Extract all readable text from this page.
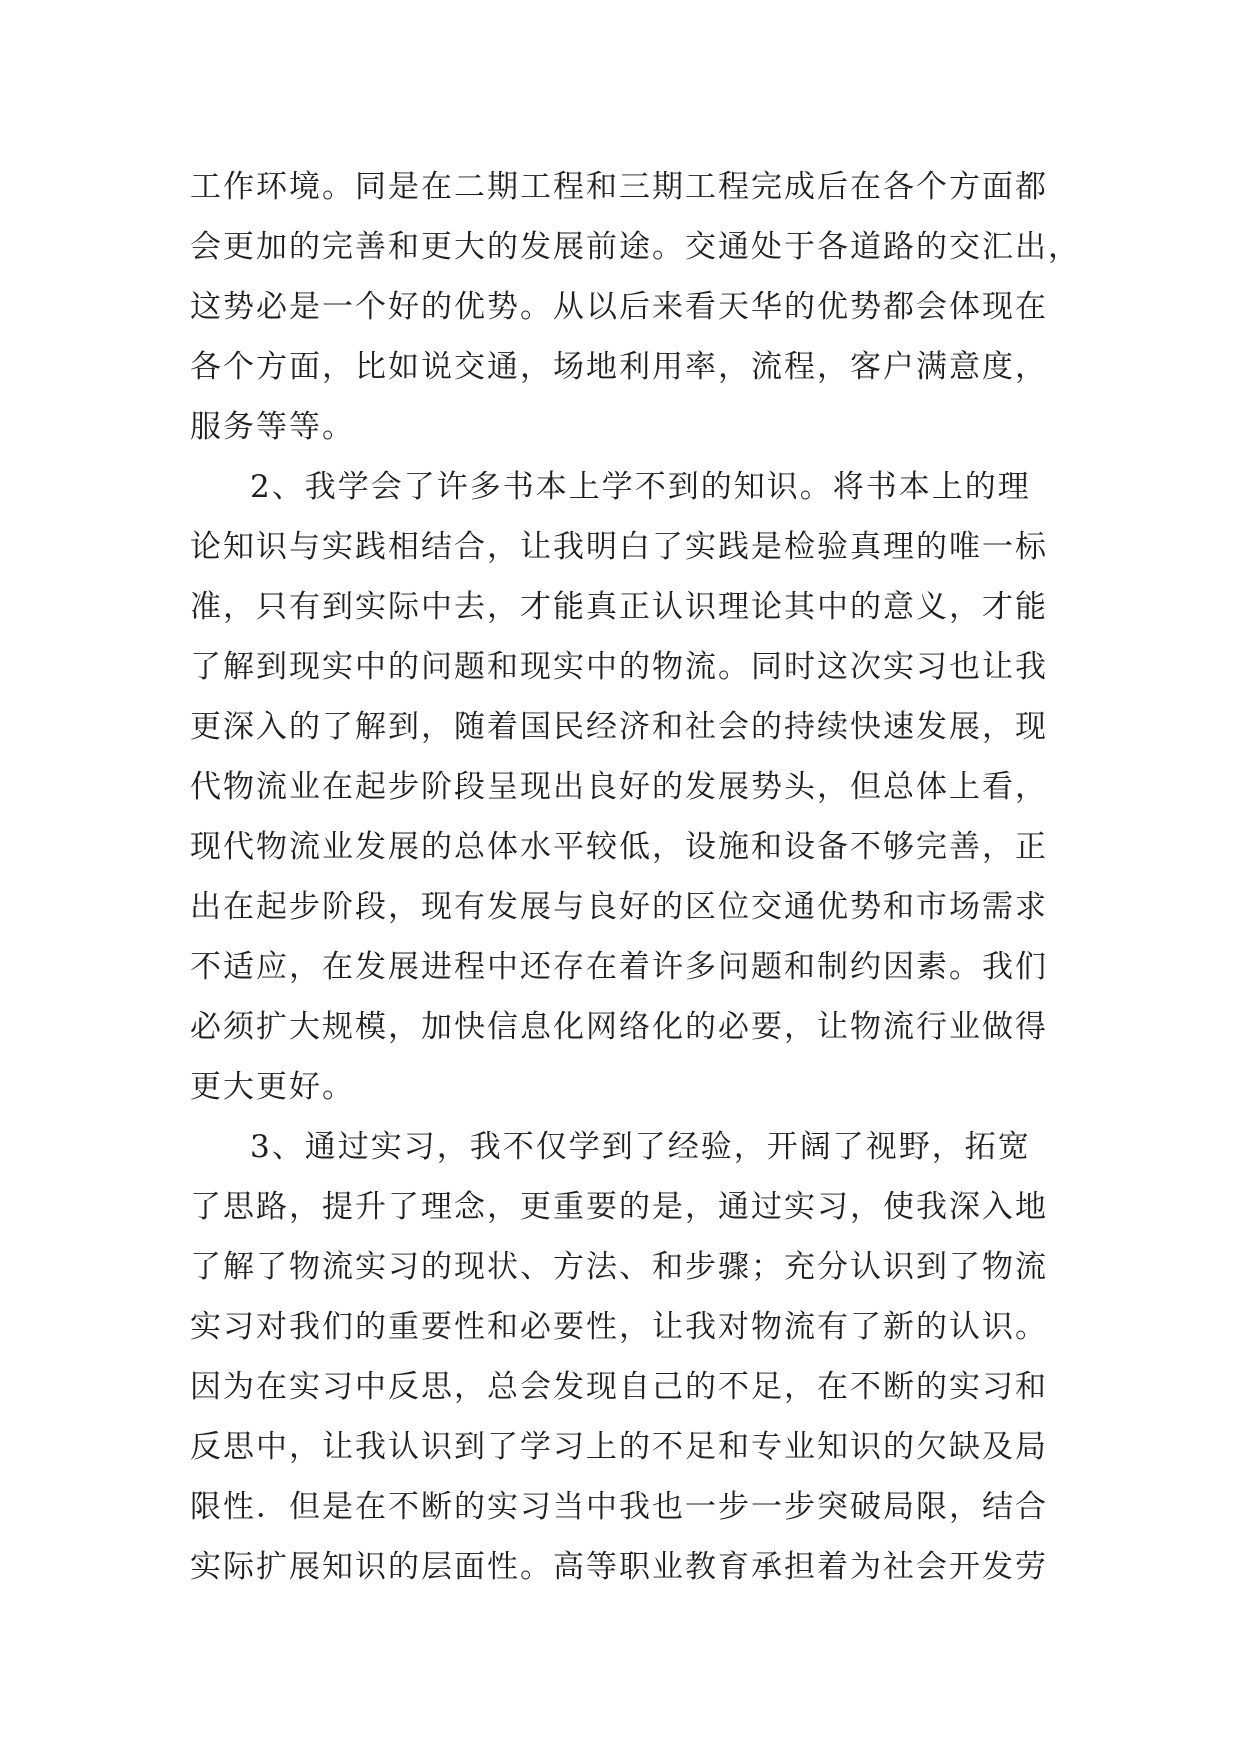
工作环境。同是在二期工程和三期工程完成后在各个方面都
会更加的完善和更大的发展前途。交通处于各道路的交汇出，
这势必是一个好的优势。从以后来看天华的优势都会体现在
各个方面，比如说交通，场地利用率，流程，客户满意度，
服务等等。
2、我学会了许多书本上学不到的知识。将书本上的理
论知识与实践相结合，让我明白了实践是检验真理的唯一标
准，只有到实际中去，才能真正认识理论其中的意义，才能
了解到现实中的问题和现实中的物流。同时这次实习也让我
更深入的了解到，随着国民经济和社会的持续快速发展，现
代物流业在起步阶段呈现出良好的发展势头，但总体上看，
现代物流业发展的总体水平较低，设施和设备不够完善，正
出在起步阶段，现有发展与良好的区位交通优势和市场需求
不适应，在发展进程中还存在着许多问题和制约因素。我们
必须扩大规模，加快信息化网络化的必要，让物流行业做得
更大更好。
3、通过实习，我不仅学到了经验，开阔了视野，拓宽
了思路，提升了理念，更重要的是，通过实习，使我深入地
了解了物流实习的现状、方法、和步骤；充分认识到了物流
实习对我们的重要性和必要性，让我对物流有了新的认识。
因为在实习中反思，总会发现自己的不足，在不断的实习和
反思中，让我认识到了学习上的不足和专业知识的欠缺及局
限性．但是在不断的实习当中我也一步一步突破局限，结合
实际扩展知识的层面性。高等职业教育承担着为社会开发劳
